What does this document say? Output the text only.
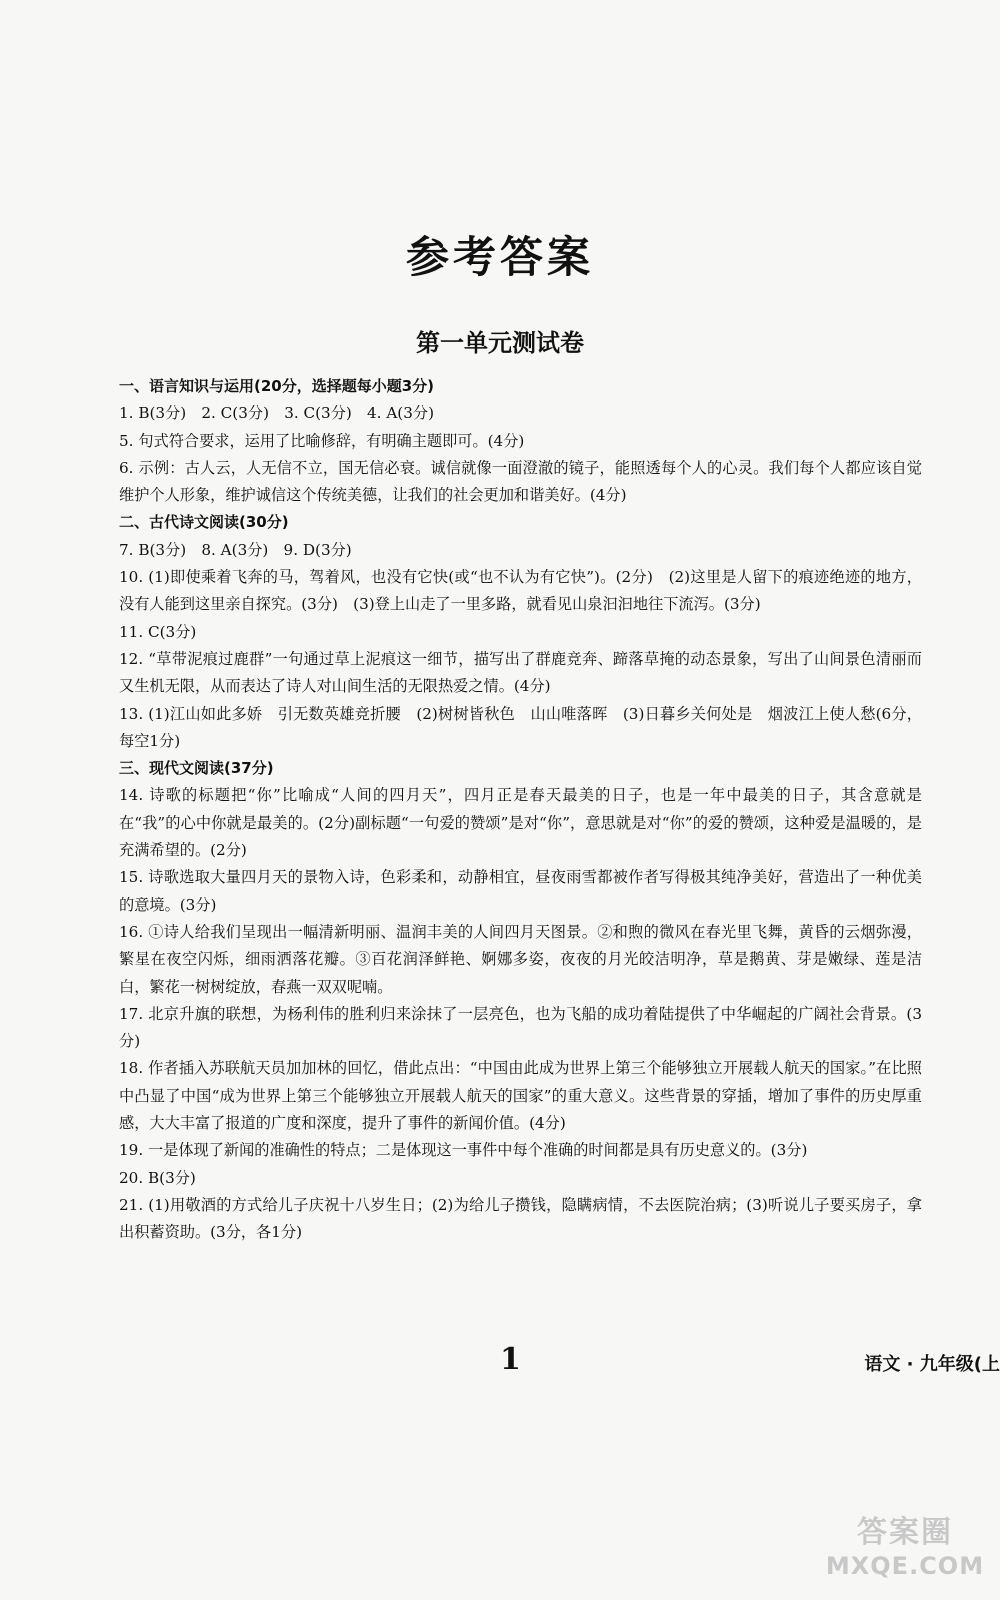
参考答案
第一单元测试卷

一、语言知识与运用(20分，选择题每小题3分)

1. B(3分)　2. C(3分)　3. C(3分)　4. A(3分)

5. 句式符合要求，运用了比喻修辞，有明确主题即可。(4分)

6. 示例：古人云，人无信不立，国无信必衰。诚信就像一面澄澈的镜子，能照透每个人的心灵。我们每个人都应该自觉维护个人形象，维护诚信这个传统美德，让我们的社会更加和谐美好。(4分)

二、古代诗文阅读(30分)

7. B(3分)　8. A(3分)　9. D(3分)

10. (1)即使乘着飞奔的马，驾着风，也没有它快(或“也不认为有它快”)。(2分)　(2)这里是人留下的痕迹绝迹的地方，没有人能到这里亲自探究。(3分)　(3)登上山走了一里多路，就看见山泉汩汩地往下流泻。(3分)

11. C(3分)

12. “草带泥痕过鹿群”一句通过草上泥痕这一细节，描写出了群鹿竞奔、蹄落草掩的动态景象，写出了山间景色清丽而又生机无限，从而表达了诗人对山间生活的无限热爱之情。(4分)

13. (1)江山如此多娇　引无数英雄竞折腰　(2)树树皆秋色　山山唯落晖　(3)日暮乡关何处是　烟波江上使人愁(6分，每空1分)

三、现代文阅读(37分)

14. 诗歌的标题把“你”比喻成“人间的四月天”，四月正是春天最美的日子，也是一年中最美的日子，其含意就是在“我”的心中你就是最美的。(2分)副标题“一句爱的赞颂”是对“你”，意思就是对“你”的爱的赞颂，这种爱是温暖的，是充满希望的。(2分)

15. 诗歌选取大量四月天的景物入诗，色彩柔和，动静相宜，昼夜雨雪都被作者写得极其纯净美好，营造出了一种优美的意境。(3分)

16. ①诗人给我们呈现出一幅清新明丽、温润丰美的人间四月天图景。②和煦的微风在春光里飞舞，黄昏的云烟弥漫，繁星在夜空闪烁，细雨洒落花瓣。③百花润泽鲜艳、婀娜多姿，夜夜的月光皎洁明净，草是鹅黄、芽是嫩绿、莲是洁白，繁花一树树绽放，春燕一双双呢喃。

17. 北京升旗的联想，为杨利伟的胜利归来涂抹了一层亮色，也为飞船的成功着陆提供了中华崛起的广阔社会背景。(3分)

18. 作者插入苏联航天员加加林的回忆，借此点出：“中国由此成为世界上第三个能够独立开展载人航天的国家。”在比照中凸显了中国“成为世界上第三个能够独立开展载人航天的国家”的重大意义。这些背景的穿插，增加了事件的历史厚重感，大大丰富了报道的广度和深度，提升了事件的新闻价值。(4分)

19. 一是体现了新闻的准确性的特点；二是体现这一事件中每个准确的时间都是具有历史意义的。(3分)

20. B(3分)

21. (1)用敬酒的方式给儿子庆祝十八岁生日；(2)为给儿子攒钱，隐瞒病情，不去医院治病；(3)听说儿子要买房子，拿出积蓄资助。(3分，各1分)

1	语文 · 九年级(上
答案圈
MXQE.COM
